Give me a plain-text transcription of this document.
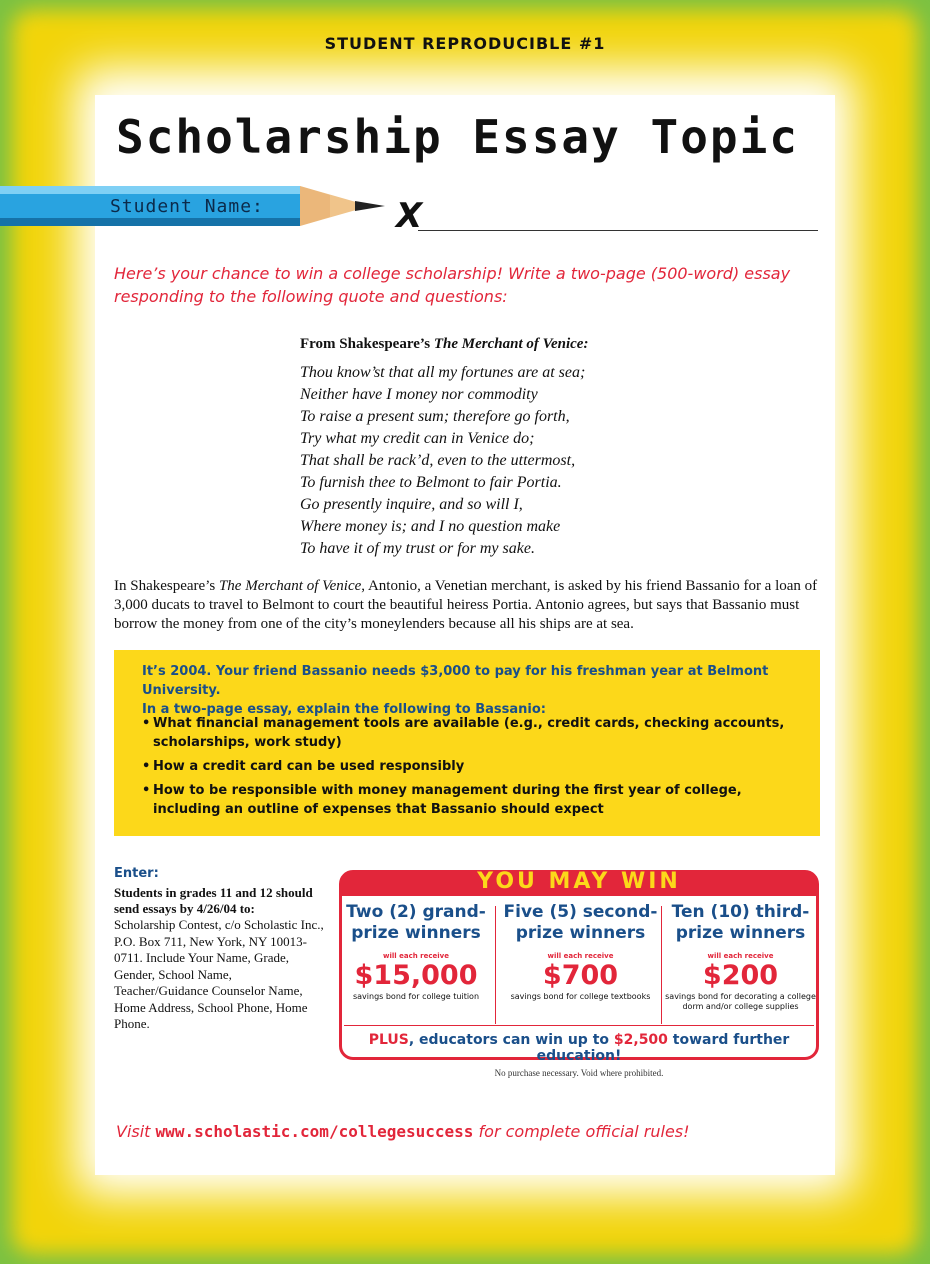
STUDENT REPRODUCIBLE #1
Scholarship Essay Topic
Student Name:	X
Here’s your chance to win a college scholarship! Write a two-page (500-word) essay responding to the following quote and questions:
From Shakespeare’s The Merchant of Venice:
Thou know’st that all my fortunes are at sea;
Neither have I money nor commodity
To raise a present sum; therefore go forth,
Try what my credit can in Venice do;
That shall be rack’d, even to the uttermost,
To furnish thee to Belmont to fair Portia.
Go presently inquire, and so will I,
Where money is; and I no question make
To have it of my trust or for my sake.
In Shakespeare’s The Merchant of Venice, Antonio, a Venetian merchant, is asked by his friend Bassanio for a loan of 3,000 ducats to travel to Belmont to court the beautiful heiress Portia. Antonio agrees, but says that Bassanio must borrow the money from one of the city’s moneylenders because all his ships are at sea.
It’s 2004. Your friend Bassanio needs $3,000 to pay for his freshman year at Belmont University.
In a two-page essay, explain the following to Bassanio:
• What financial management tools are available (e.g., credit cards, checking accounts, scholarships, work study)
• How a credit card can be used responsibly
• How to be responsible with money management during the first year of college, including an outline of expenses that Bassanio should expect
Enter:
Students in grades 11 and 12 should send essays by 4/26/04 to:
Scholarship Contest, c/o Scholastic Inc., P.O. Box 711, New York, NY 10013-0711. Include Your Name, Grade, Gender, School Name, Teacher/Guidance Counselor Name, Home Address, School Phone, Home Phone.
YOU MAY WIN
Two (2) grand-prize winners
will each receive
$15,000
savings bond for college tuition
Five (5) second-prize winners
will each receive
$700
savings bond for college textbooks
Ten (10) third-prize winners
will each receive
$200
savings bond for decorating a college dorm and/or college supplies
PLUS, educators can win up to $2,500 toward further education!
No purchase necessary. Void where prohibited.
Visit www.scholastic.com/collegesuccess for complete official rules!
